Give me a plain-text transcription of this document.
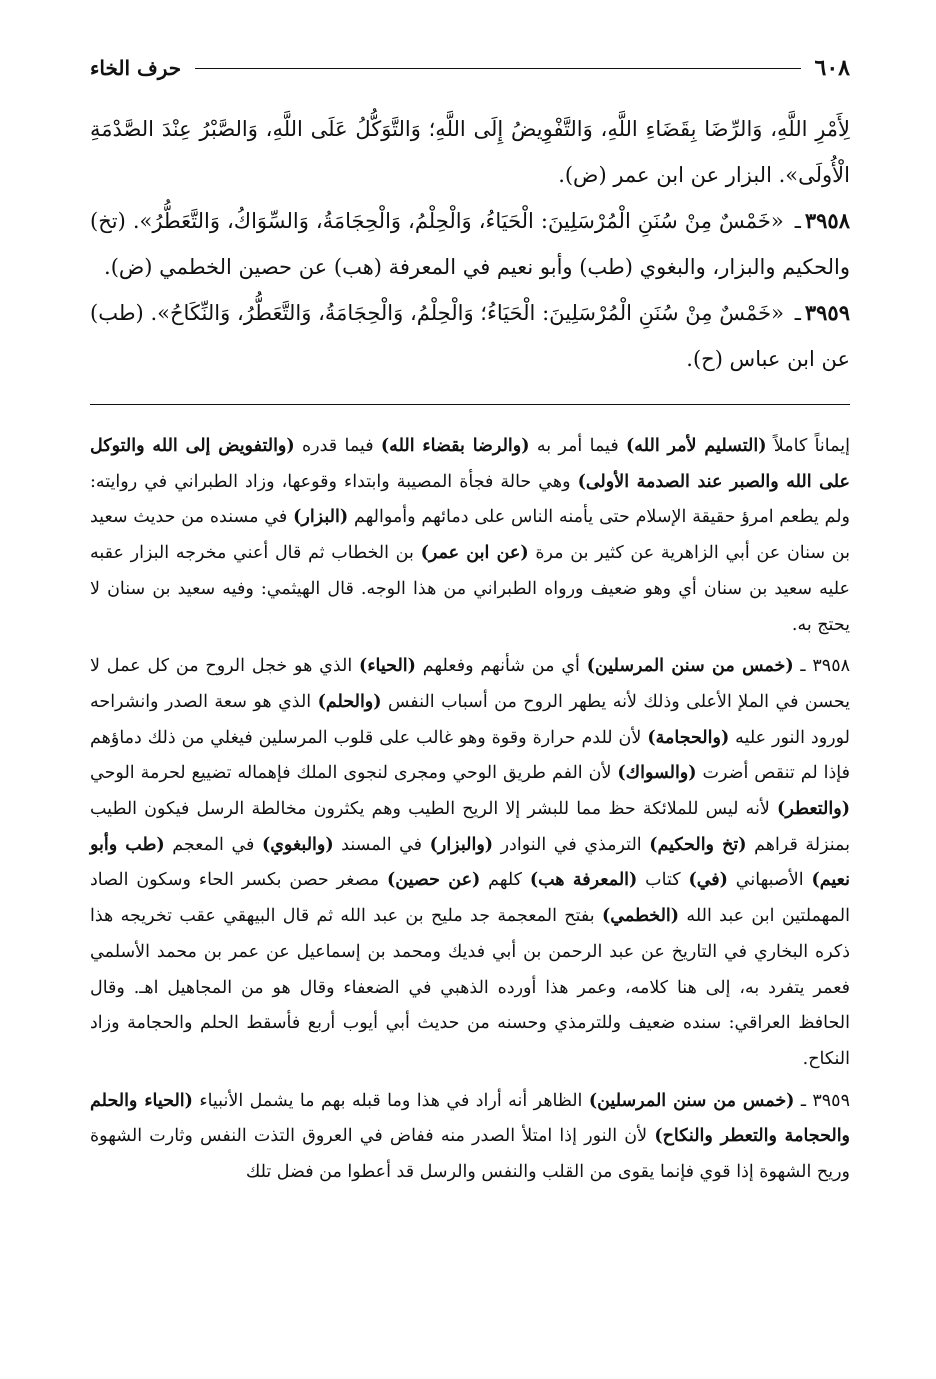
٦٠٨
حرف الخاء

لِأَمْرِ اللَّهِ، وَالرِّضَا بِقَضَاءِ اللَّهِ، وَالتَّفْوِيضُ إِلَى اللَّهِ؛ وَالتَّوَكُّلُ عَلَى اللَّهِ، وَالصَّبْرُ عِنْدَ الصَّدْمَةِ الْأُولَى». البزار عن ابن عمر (ض).

٣٩٥٨ـ «خَمْسٌ مِنْ سُنَنِ الْمُرْسَلِينَ: الْحَيَاءُ، وَالْحِلْمُ، وَالْحِجَامَةُ، وَالسِّوَاكُ، وَالتَّعَطُّرُ». (تخ) والحكيم والبزار، والبغوي (طب) وأبو نعيم في المعرفة (هب) عن حصين الخطمي (ض).

٣٩٥٩ـ «خَمْسٌ مِنْ سُنَنِ الْمُرْسَلِينَ: الْحَيَاءُ؛ وَالْحِلْمُ، وَالْحِجَامَةُ، وَالتَّعَطُّرُ، وَالنِّكَاحُ». (طب) عن ابن عباس (ح).

إيماناً كاملاً (التسليم لأمر الله) فيما أمر به (والرضا بقضاء الله) فيما قدره (والتفويض إلى الله والتوكل على الله والصبر عند الصدمة الأولى) وهي حالة فجأة المصيبة وابتداء وقوعها، وزاد الطبراني في روايته: ولم يطعم امرؤ حقيقة الإسلام حتى يأمنه الناس على دمائهم وأموالهم (البزار) في مسنده من حديث سعيد بن سنان عن أبي الزاهرية عن كثير بن مرة (عن ابن عمر) بن الخطاب ثم قال أعني مخرجه البزار عقبه عليه سعيد بن سنان أي وهو ضعيف ورواه الطبراني من هذا الوجه. قال الهيثمي: وفيه سعيد بن سنان لا يحتج به.

٣٩٥٨ ـ (خمس من سنن المرسلين) أي من شأنهم وفعلهم (الحياء) الذي هو خجل الروح من كل عمل لا يحسن في الملإ الأعلى وذلك لأنه يطهر الروح من أسباب النفس (والحلم) الذي هو سعة الصدر وانشراحه لورود النور عليه (والحجامة) لأن للدم حرارة وقوة وهو غالب على قلوب المرسلين فيغلي من ذلك دماؤهم فإذا لم تنقص أضرت (والسواك) لأن الفم طريق الوحي ومجرى لنجوى الملك فإهماله تضييع لحرمة الوحي (والتعطر) لأنه ليس للملائكة حظ مما للبشر إلا الريح الطيب وهم يكثرون مخالطة الرسل فيكون الطيب بمنزلة قراهم (تخ والحكيم) الترمذي في النوادر (والبزار) في المسند (والبغوي) في المعجم (طب وأبو نعيم) الأصبهاني (في) كتاب (المعرفة هب) كلهم (عن حصين) مصغر حصن بكسر الحاء وسكون الصاد المهملتين ابن عبد الله (الخطمي) بفتح المعجمة جد مليح بن عبد الله ثم قال البيهقي عقب تخريجه هذا ذكره البخاري في التاريخ عن عبد الرحمن بن أبي فديك ومحمد بن إسماعيل عن عمر بن محمد الأسلمي فعمر يتفرد به، إلى هنا كلامه، وعمر هذا أورده الذهبي في الضعفاء وقال هو من المجاهيل اهـ. وقال الحافظ العراقي: سنده ضعيف وللترمذي وحسنه من حديث أبي أيوب أربع فأسقط الحلم والحجامة وزاد النكاح.

٣٩٥٩ ـ (خمس من سنن المرسلين) الظاهر أنه أراد في هذا وما قبله بهم ما يشمل الأنبياء (الحياء والحلم والحجامة والتعطر والنكاح) لأن النور إذا امتلأ الصدر منه ففاض في العروق التذت النفس وثارت الشهوة وريح الشهوة إذا قوي فإنما يقوى من القلب والنفس والرسل قد أعطوا من فضل تلك
